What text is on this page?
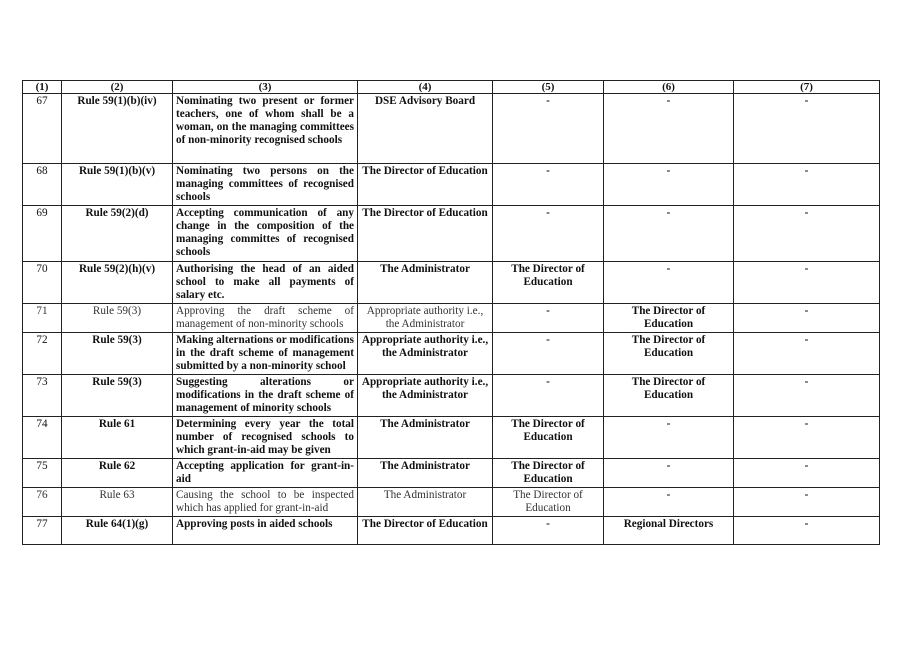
(1)	(2)	(3)	(4)	(5)	(6)	(7)
67	Rule 59(1)(b)(iv)	Nominating two present or former teachers, one of whom shall be a woman, on the managing committees of non-minority recognised schools	DSE Advisory Board	-	-	-
68	Rule 59(1)(b)(v)	Nominating two persons on the managing committees of recognised schools	The Director of Education	-	-	-
69	Rule 59(2)(d)	Accepting communication of any change in the composition of the managing committes of recognised schools	The Director of Education	-	-	-
70	Rule 59(2)(h)(v)	Authorising the head of an aided school to make all payments of salary etc.	The Administrator	The Director of Education	-	-
71	Rule 59(3)	Approving the draft scheme of management of non-minority schools	Appropriate authority i.e., the Administrator	-	The Director of Education	-
72	Rule 59(3)	Making alternations or modifications in the draft scheme of management submitted by a non-minority school	Appropriate authority i.e., the Administrator	-	The Director of Education	-
73	Rule 59(3)	Suggesting alterations or modifications in the draft scheme of management of minority schools	Appropriate authority i.e., the Administrator	-	The Director of Education	-
74	Rule 61	Determining every year the total number of recognised schools to which grant-in-aid may be given	The Administrator	The Director of Education	-	-
75	Rule 62	Accepting application for grant-in-aid	The Administrator	The Director of Education	-	-
76	Rule 63	Causing the school to be inspected which has applied for grant-in-aid	The Administrator	The Director of Education	-	-
77	Rule 64(1)(g)	Approving posts in aided schools	The Director of Education	-	Regional Directors	-
